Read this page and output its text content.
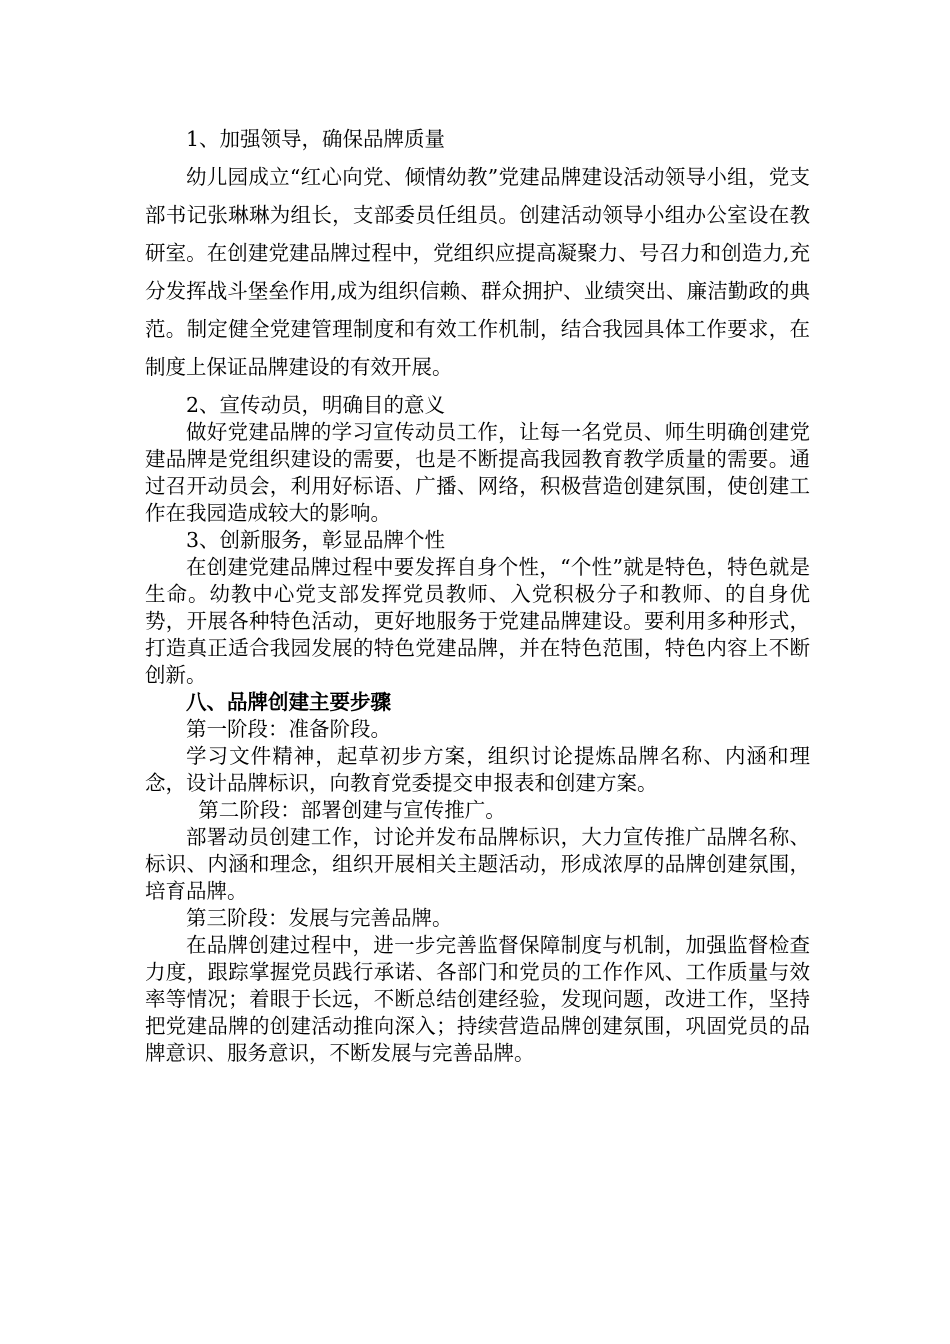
1、加强领导，确保品牌质量

幼儿园成立“红心向党、倾情幼教”党建品牌建设活动领导小组，党支部书记张琳琳为组长，支部委员任组员。创建活动领导小组办公室设在教研室。在创建党建品牌过程中，党组织应提高凝聚力、号召力和创造力,充分发挥战斗堡垒作用,成为组织信赖、群众拥护、业绩突出、廉洁勤政的典范。制定健全党建管理制度和有效工作机制，结合我园具体工作要求，在制度上保证品牌建设的有效开展。

2、宣传动员，明确目的意义

做好党建品牌的学习宣传动员工作，让每一名党员、师生明确创建党建品牌是党组织建设的需要，也是不断提高我园教育教学质量的需要。通过召开动员会，利用好标语、广播、网络，积极营造创建氛围，使创建工作在我园造成较大的影响。

3、创新服务，彰显品牌个性

在创建党建品牌过程中要发挥自身个性，“个性”就是特色，特色就是生命。幼教中心党支部发挥党员教师、入党积极分子和教师、的自身优势，开展各种特色活动，更好地服务于党建品牌建设。要利用多种形式，打造真正适合我园发展的特色党建品牌，并在特色范围，特色内容上不断创新。

八、品牌创建主要步骤

第一阶段：准备阶段。

学习文件精神，起草初步方案，组织讨论提炼品牌名称、内涵和理念，设计品牌标识，向教育党委提交申报表和创建方案。

第二阶段：部署创建与宣传推广。

部署动员创建工作，讨论并发布品牌标识，大力宣传推广品牌名称、标识、内涵和理念，组织开展相关主题活动，形成浓厚的品牌创建氛围，培育品牌。

第三阶段：发展与完善品牌。

在品牌创建过程中，进一步完善监督保障制度与机制，加强监督检查力度，跟踪掌握党员践行承诺、各部门和党员的工作作风、工作质量与效率等情况；着眼于长远，不断总结创建经验，发现问题，改进工作，坚持把党建品牌的创建活动推向深入；持续营造品牌创建氛围，巩固党员的品牌意识、服务意识，不断发展与完善品牌。
